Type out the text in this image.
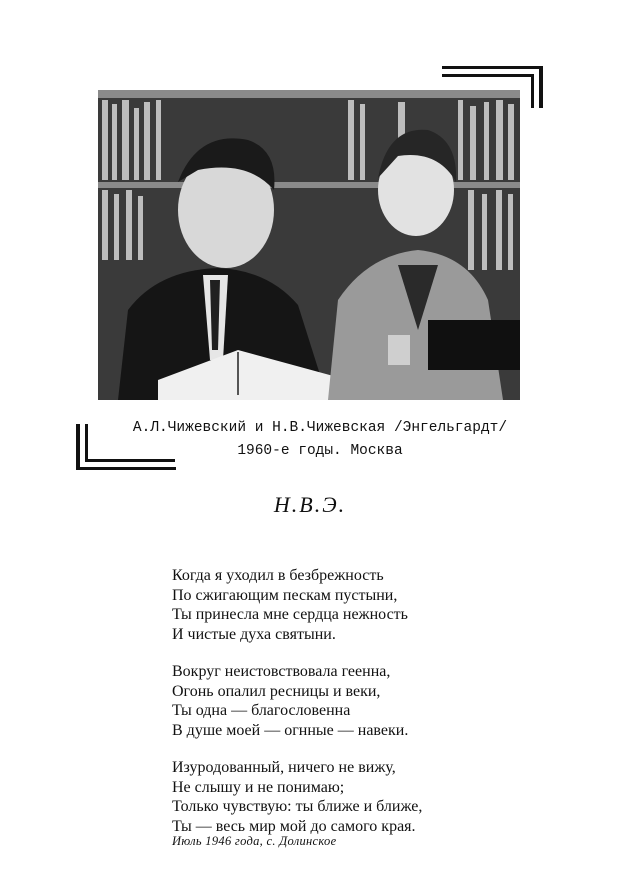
А.Л.Чижевский и Н.В.Чижевская /Энгельгардт/
1960-е годы. Москва
Н.В.Э.
Когда я уходил в безбрежность
По сжигающим пескам пустыни,
Ты принесла мне сердца нежность
И чистые духа святыни.
Вокруг неистовствовала геенна,
Огонь опалил ресницы и веки,
Ты одна — благословенна
В душе моей — огнные — навеки.
Изуродованный, ничего не вижу,
Не слышу и не понимаю;
Только чувствую: ты ближе и ближе,
Ты — весь мир мой до самого края.
Июль 1946 года, с. Долинское
